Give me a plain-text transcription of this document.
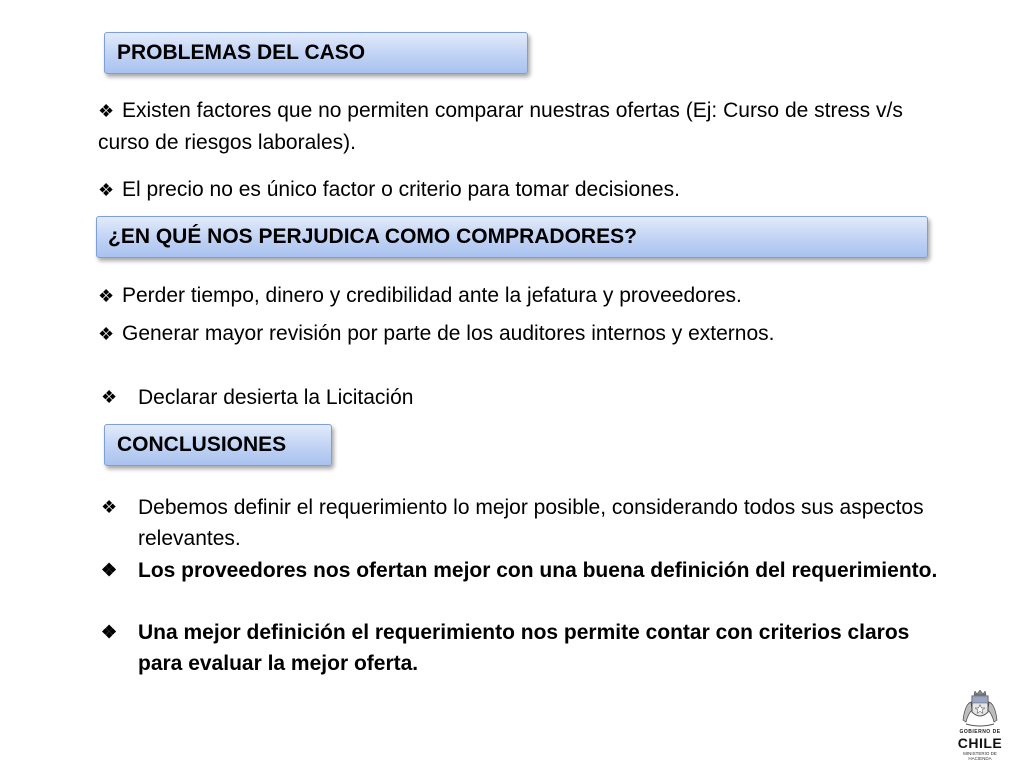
PROBLEMAS DEL CASO
❖ Existen factores que no permiten comparar nuestras ofertas (Ej: Curso de stress v/s curso de riesgos laborales).
❖ El precio no es único factor o criterio para tomar decisiones.
¿EN QUÉ NOS PERJUDICA COMO COMPRADORES?
❖ Perder tiempo, dinero y credibilidad ante la jefatura y proveedores.
❖ Generar mayor revisión por parte de los auditores internos y externos.
❖ Declarar desierta la Licitación
CONCLUSIONES
❖ Debemos definir el requerimiento lo mejor posible, considerando todos sus aspectos relevantes.
❖ Los proveedores nos ofertan mejor con una buena definición del requerimiento.
❖ Una mejor definición el requerimiento nos permite contar con criterios claros para evaluar la mejor oferta.
GOBIERNO DE
CHILE
MINISTERIO DE HACIENDA
